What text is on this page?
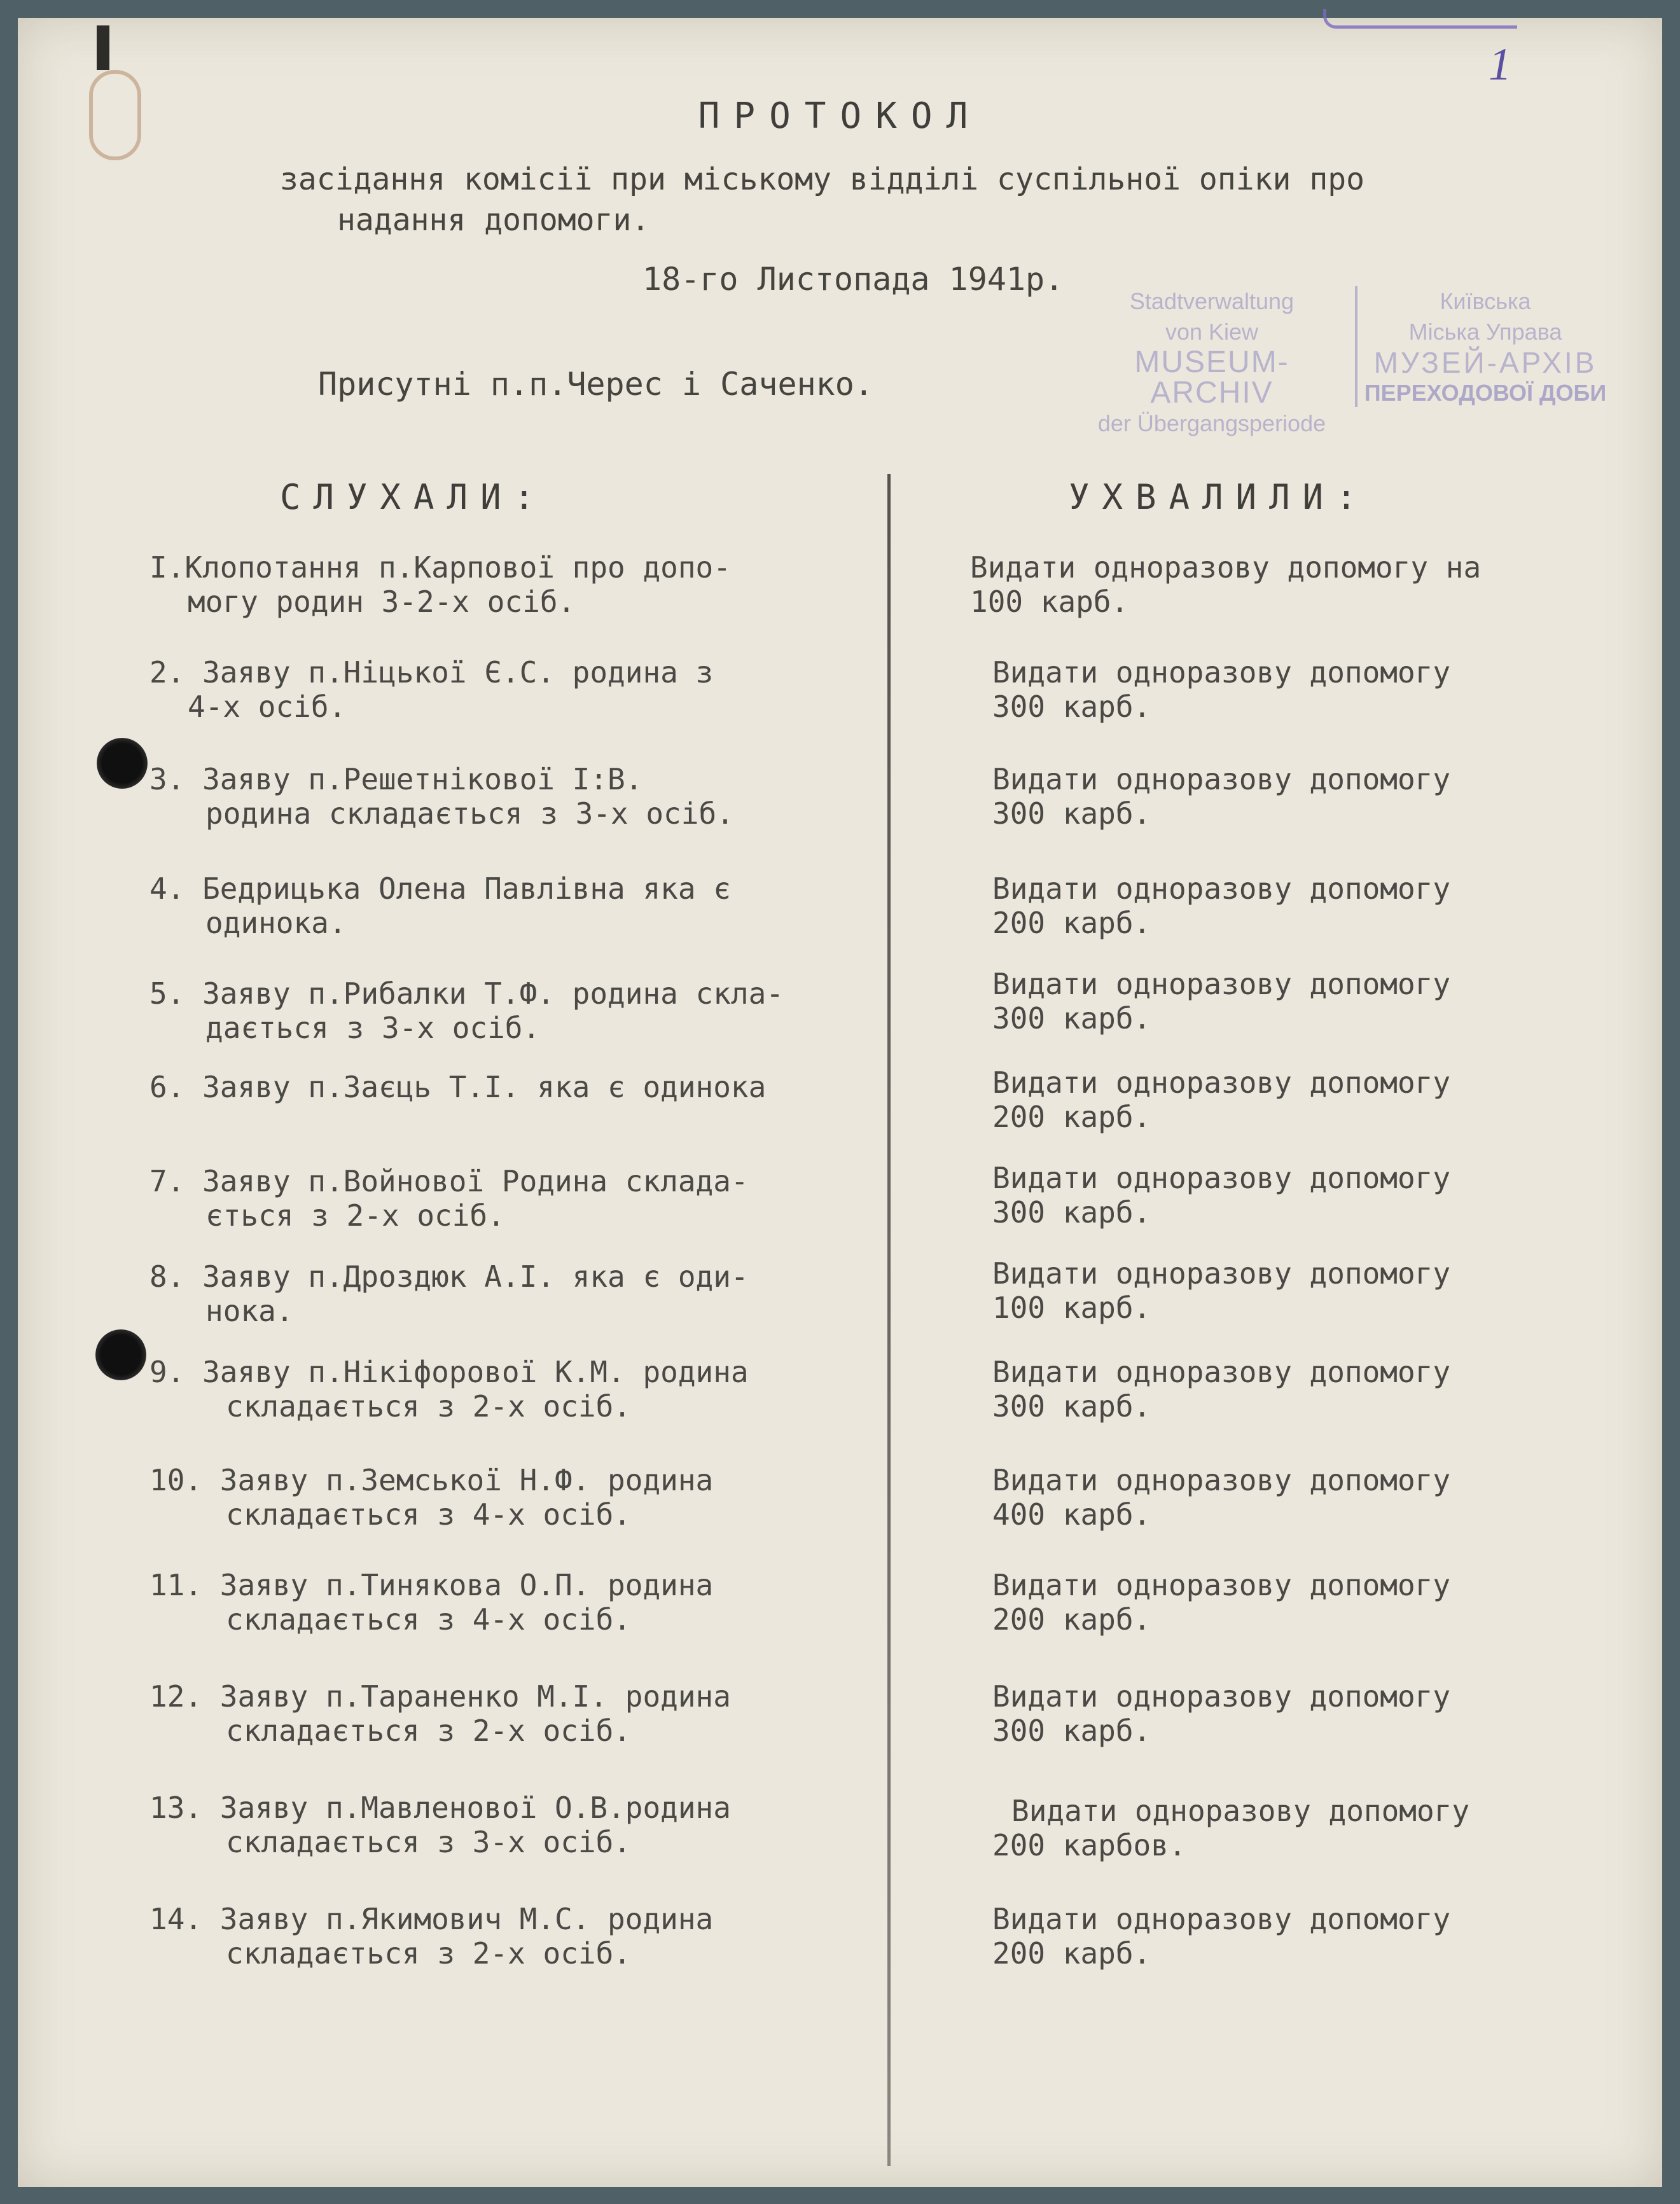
1
ПРОТОКОЛ
засідання комісії при міському відділі суспільної опіки про
надання допомоги.
18-го Листопада 1941р.
Присутні п.п.Черес і Саченко.
Stadtverwaltung
von Kiew
MUSEUM-ARCHIV
der Übergangsperiode
Київська
Міська Управа
МУЗЕЙ-АРХІВ
ПЕРЕХОДОВОЇ ДОБИ
СЛУХАЛИ:	УХВАЛИЛИ:
І.Клопотання п.Карпової про допо-
могу родин 3-2-х осіб.
Видати одноразову допомогу на
100 карб.
2. Заяву п.Ніцької Є.С. родина з
4-х осіб.
Видати одноразову допомогу
300 карб.
3. Заяву п.Решетнікової І:В.
родина складається з 3-х осіб.
Видати одноразову допомогу
300 карб.
4. Бедрицька Олена Павлівна яка є
одинока.
Видати одноразову допомогу
200 карб.
5. Заяву п.Рибалки Т.Ф. родина скла-
дається з 3-х осіб.
Видати одноразову допомогу
300 карб.
6. Заяву п.Заєць Т.І. яка є одинока	Видати одноразову допомогу
200 карб.
7. Заяву п.Войнової Родина склада-
ється з 2-х осіб.
Видати одноразову допомогу
300 карб.
8. Заяву п.Дроздюк А.І. яка є оди-
нока.
Видати одноразову допомогу
100 карб.
9. Заяву п.Нікіфорової К.М. родина
складається з 2-х осіб.
Видати одноразову допомогу
300 карб.
10. Заяву п.Земської Н.Ф. родина
складається з 4-х осіб.
Видати одноразову допомогу
400 карб.
11. Заяву п.Тинякова О.П. родина
складається з 4-х осіб.
Видати одноразову допомогу
200 карб.
12. Заяву п.Тараненко М.І. родина
складається з 2-х осіб.
Видати одноразову допомогу
300 карб.
13. Заяву п.Мавленової О.В.родина
складається з 3-х осіб.
Видати одноразову допомогу
200 карбов.
14. Заяву п.Якимович М.С. родина
складається з 2-х осіб.
Видати одноразову допомогу
200 карб.
